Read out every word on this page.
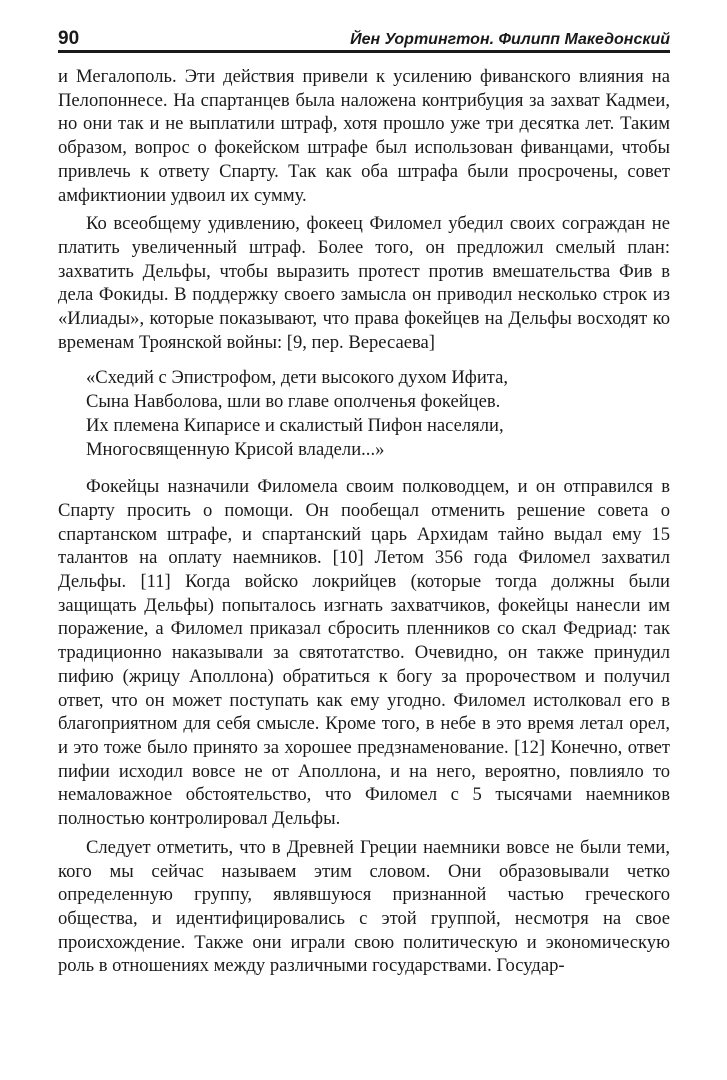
90	Йен Уортингтон. Филипп Македонский

и Мегалополь. Эти действия привели к усилению фиванского влияния на Пелопоннесе. На спартанцев была наложена контрибуция за захват Кадмеи, но они так и не выплатили штраф, хотя прошло уже три десятка лет. Таким образом, вопрос о фокейском штрафе был использован фиванцами, чтобы привлечь к ответу Спарту. Так как оба штрафа были просрочены, совет амфиктионии удвоил их сумму.

Ко всеобщему удивлению, фокеец Филомел убедил своих сограждан не платить увеличенный штраф. Более того, он предложил смелый план: захватить Дельфы, чтобы выразить протест против вмешательства Фив в дела Фокиды. В поддержку своего замысла он приводил несколько строк из «Илиады», которые показывают, что права фокейцев на Дельфы восходят ко временам Троянской войны: [9, пер. Вересаева]

«Схедий с Эпистрофом, дети высокого духом Ифита,
Сына Навболова, шли во главе ополченья фокейцев.
Их племена Кипарисе и скалистый Пифон населяли,
Многосвященную Крисой владели...»

Фокейцы назначили Филомела своим полководцем, и он отправился в Спарту просить о помощи. Он пообещал отменить решение совета о спартанском штрафе, и спартанский царь Архидам тайно выдал ему 15 талантов на оплату наемников. [10] Летом 356 года Филомел захватил Дельфы. [11] Когда войско локрийцев (которые тогда должны были защищать Дельфы) попыталось изгнать захватчиков, фокейцы нанесли им поражение, а Филомел приказал сбросить пленников со скал Федриад: так традиционно наказывали за святотатство. Очевидно, он также принудил пифию (жрицу Аполлона) обратиться к богу за пророчеством и получил ответ, что он может поступать как ему угодно. Филомел истолковал его в благоприятном для себя смысле. Кроме того, в небе в это время летал орел, и это тоже было принято за хорошее предзнаменование. [12] Конечно, ответ пифии исходил вовсе не от Аполлона, и на него, вероятно, повлияло то немаловажное обстоятельство, что Филомел с 5 тысячами наемников полностью контролировал Дельфы.

Следует отметить, что в Древней Греции наемники вовсе не были теми, кого мы сейчас называем этим словом. Они образовывали четко определенную группу, являвшуюся признанной частью греческого общества, и идентифицировались с этой группой, несмотря на свое происхождение. Также они играли свою политическую и экономическую роль в отношениях между различными государствами. Государ-
